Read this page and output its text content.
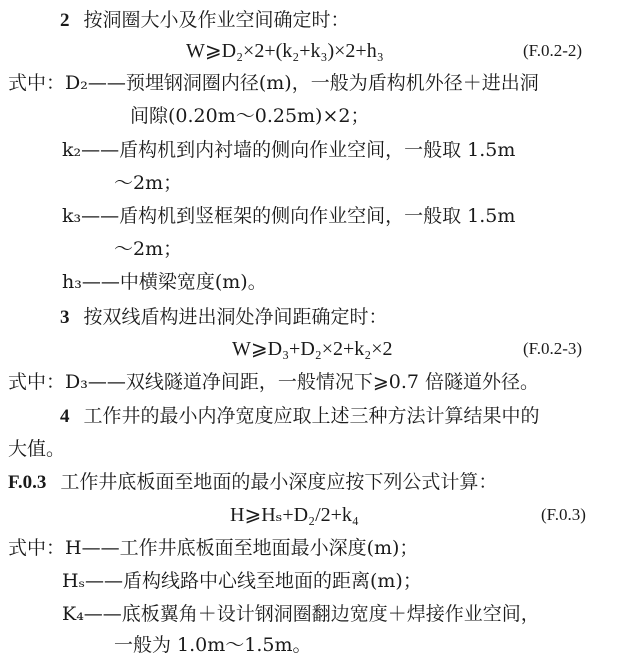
2 按洞圈大小及作业空间确定时：
W⩾D₂×2+(k₂+k₃)×2+h₃	(F.0.2-2)
式中：D₂——预埋钢洞圈内径(m)，一般为盾构机外径＋进出洞
间隙(0.20m～0.25m)×2；
k₂——盾构机到内衬墙的侧向作业空间，一般取 1.5m
～2m；
k₃——盾构机到竖框架的侧向作业空间，一般取 1.5m
～2m；
h₃——中横梁宽度(m)。
3 按双线盾构进出洞处净间距确定时：
W⩾D₃+D₂×2+k₂×2	(F.0.2-3)
式中：D₃——双线隧道净间距，一般情况下⩾0.7 倍隧道外径。
4 工作井的最小内净宽度应取上述三种方法计算结果中的
大值。
F.0.3 工作井底板面至地面的最小深度应按下列公式计算：
H⩾Hₛ+D₂/2+k₄	(F.0.3)
式中：H——工作井底板面至地面最小深度(m)；
Hₛ——盾构线路中心线至地面的距离(m)；
K₄——底板翼角＋设计钢洞圈翻边宽度＋焊接作业空间，
一般为 1.0m～1.5m。
